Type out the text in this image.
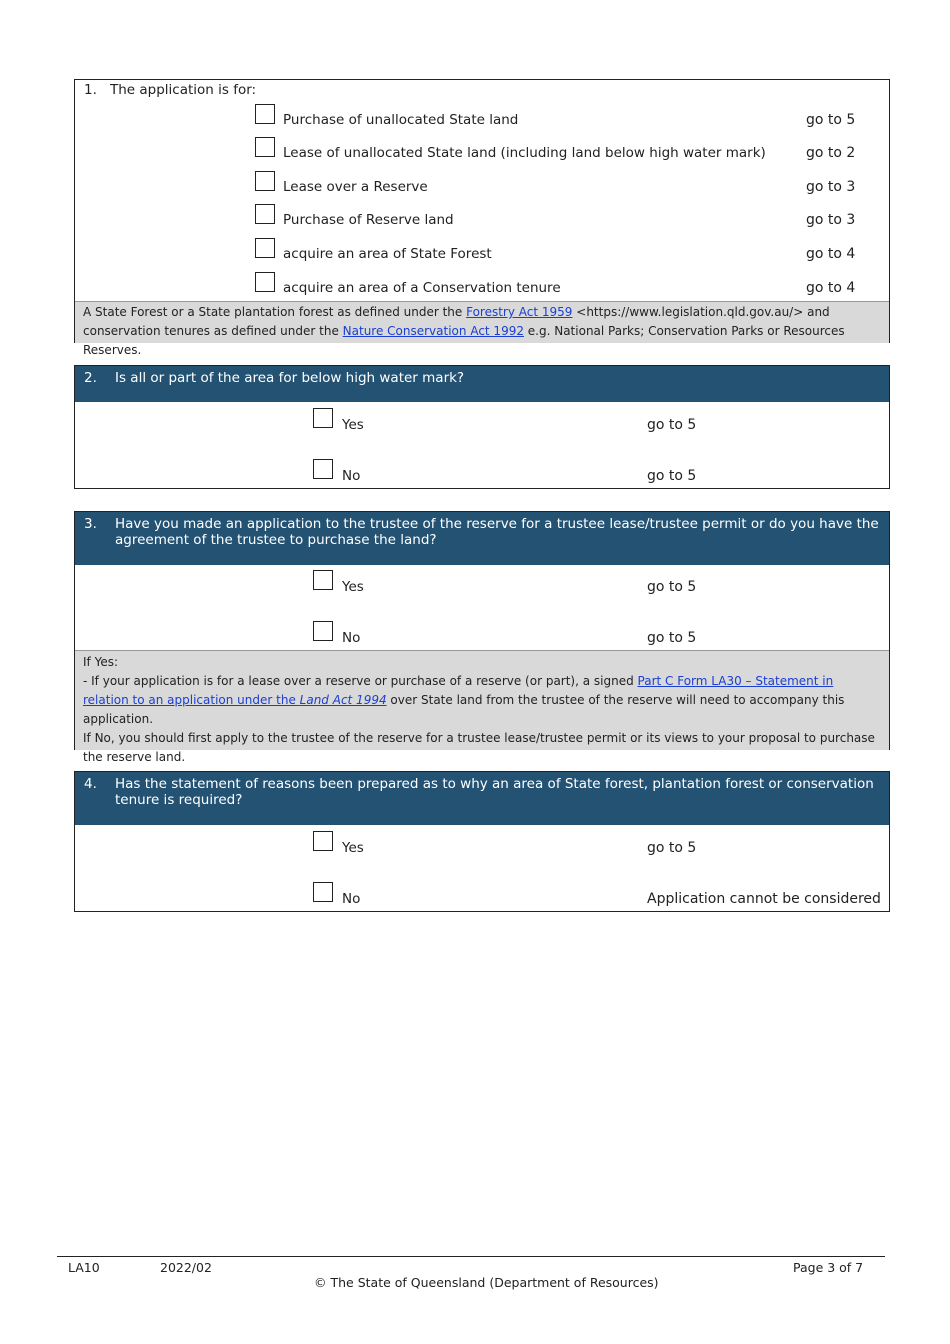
1. The application is for:
Purchase of unallocated State land	go to 5
Lease of unallocated State land (including land below high water mark)	go to 2
Lease over a Reserve	go to 3
Purchase of Reserve land	go to 3
acquire an area of State Forest	go to 4
acquire an area of a Conservation tenure	go to 4
A State Forest or a State plantation forest as defined under the Forestry Act 1959 <https://www.legislation.qld.gov.au/> and conservation tenures as defined under the Nature Conservation Act 1992 e.g. National Parks; Conservation Parks or Resources Reserves.
2. Is all or part of the area for below high water mark?
Yes	go to 5
No	go to 5
3. Have you made an application to the trustee of the reserve for a trustee lease/trustee permit or do you have the agreement of the trustee to purchase the land?
Yes	go to 5
No	go to 5
If Yes:
- If your application is for a lease over a reserve or purchase of a reserve (or part), a signed Part C Form LA30 – Statement in relation to an application under the Land Act 1994 over State land from the trustee of the reserve will need to accompany this application.
If No, you should first apply to the trustee of the reserve for a trustee lease/trustee permit or its views to your proposal to purchase the reserve land.
4. Has the statement of reasons been prepared as to why an area of State forest, plantation forest or conservation tenure is required?
Yes	go to 5
No	Application cannot be considered
LA10	2022/02	Page 3 of 7
© The State of Queensland (Department of Resources)
